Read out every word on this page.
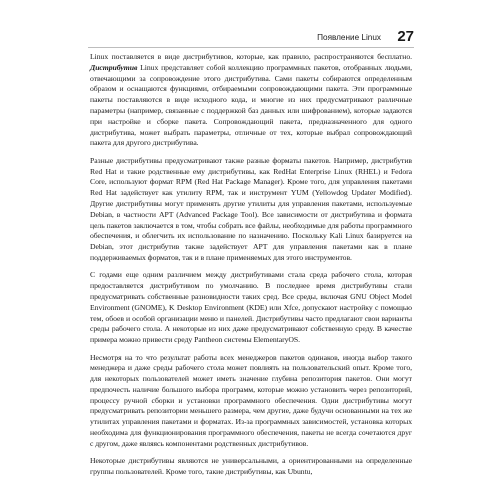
Появление Linux	27

Linux поставляется в виде дистрибутивов, которые, как правило, распространяются бесплатно. Дистрибутив Linux представляет собой коллекцию программных пакетов, отобранных людьми, отвечающими за сопровождение этого дистрибутива. Сами пакеты собираются определенным образом и оснащаются функциями, отбираемыми сопровождающими пакета. Эти программные пакеты поставляются в виде исходного кода, и многие из них предусматривают различные параметры (например, связанные с поддержкой баз данных или шифрованием), которые задаются при настройке и сборке пакета. Сопровождающий пакета, предназначенного для одного дистрибутива, может выбрать параметры, отличные от тех, которые выбрал сопровождающий пакета для другого дистрибутива.

Разные дистрибутивы предусматривают также разные форматы пакетов. Например, дистрибутив Red Hat и такие родственные ему дистрибутивы, как RedHat Enterprise Linux (RHEL) и Fedora Core, используют формат RPM (Red Hat Package Manager). Кроме того, для управления пакетами Red Hat задействует как утилиту RPM, так и инструмент YUM (Yellowdog Updater Modified). Другие дистрибутивы могут применять другие утилиты для управления пакетами, используемые Debian, в частности APT (Advanced Package Tool). Все зависимости от дистрибутива и формата цель пакетов заключается в том, чтобы собрать все файлы, необходимые для работы программного обеспечения, и облегчить их использование по назначению. Поскольку Kali Linux базируется на Debian, этот дистрибутив также задействует APT для управления пакетами как в плане поддерживаемых форматов, так и в плане применяемых для этого инструментов.

С годами еще одним различием между дистрибутивами стала среда рабочего стола, которая предоставляется дистрибутивом по умолчанию. В последнее время дистрибутивы стали предусматривать собственные разновидности таких сред. Все среды, включая GNU Object Model Environment (GNOME), K Desktop Environment (KDE) или Xfce, допускают настройку с помощью тем, обоев и особой организации меню и панелей. Дистрибутивы часто предлагают свои варианты среды рабочего стола. А некоторые из них даже предусматривают собственную среду. В качестве примера можно привести среду Pantheon системы ElementaryOS.

Несмотря на то что результат работы всех менеджеров пакетов одинаков, иногда выбор такого менеджера и даже среды рабочего стола может повлиять на пользовательский опыт. Кроме того, для некоторых пользователей может иметь значение глубина репозитория пакетов. Они могут предпочесть наличие большого выбора программ, которые можно установить через репозиторий, процессу ручной сборки и установки программного обеспечения. Одни дистрибутивы могут предусматривать репозитории меньшего размера, чем другие, даже будучи основанными на тех же утилитах управления пакетами и форматах. Из-за программных зависимостей, установка которых необходима для функционирования программного обеспечения, пакеты не всегда сочетаются друг с другом, даже являясь компонентами родственных дистрибутивов.

Некоторые дистрибутивы являются не универсальными, а ориентированными на определенные группы пользователей. Кроме того, такие дистрибутивы, как Ubuntu,
